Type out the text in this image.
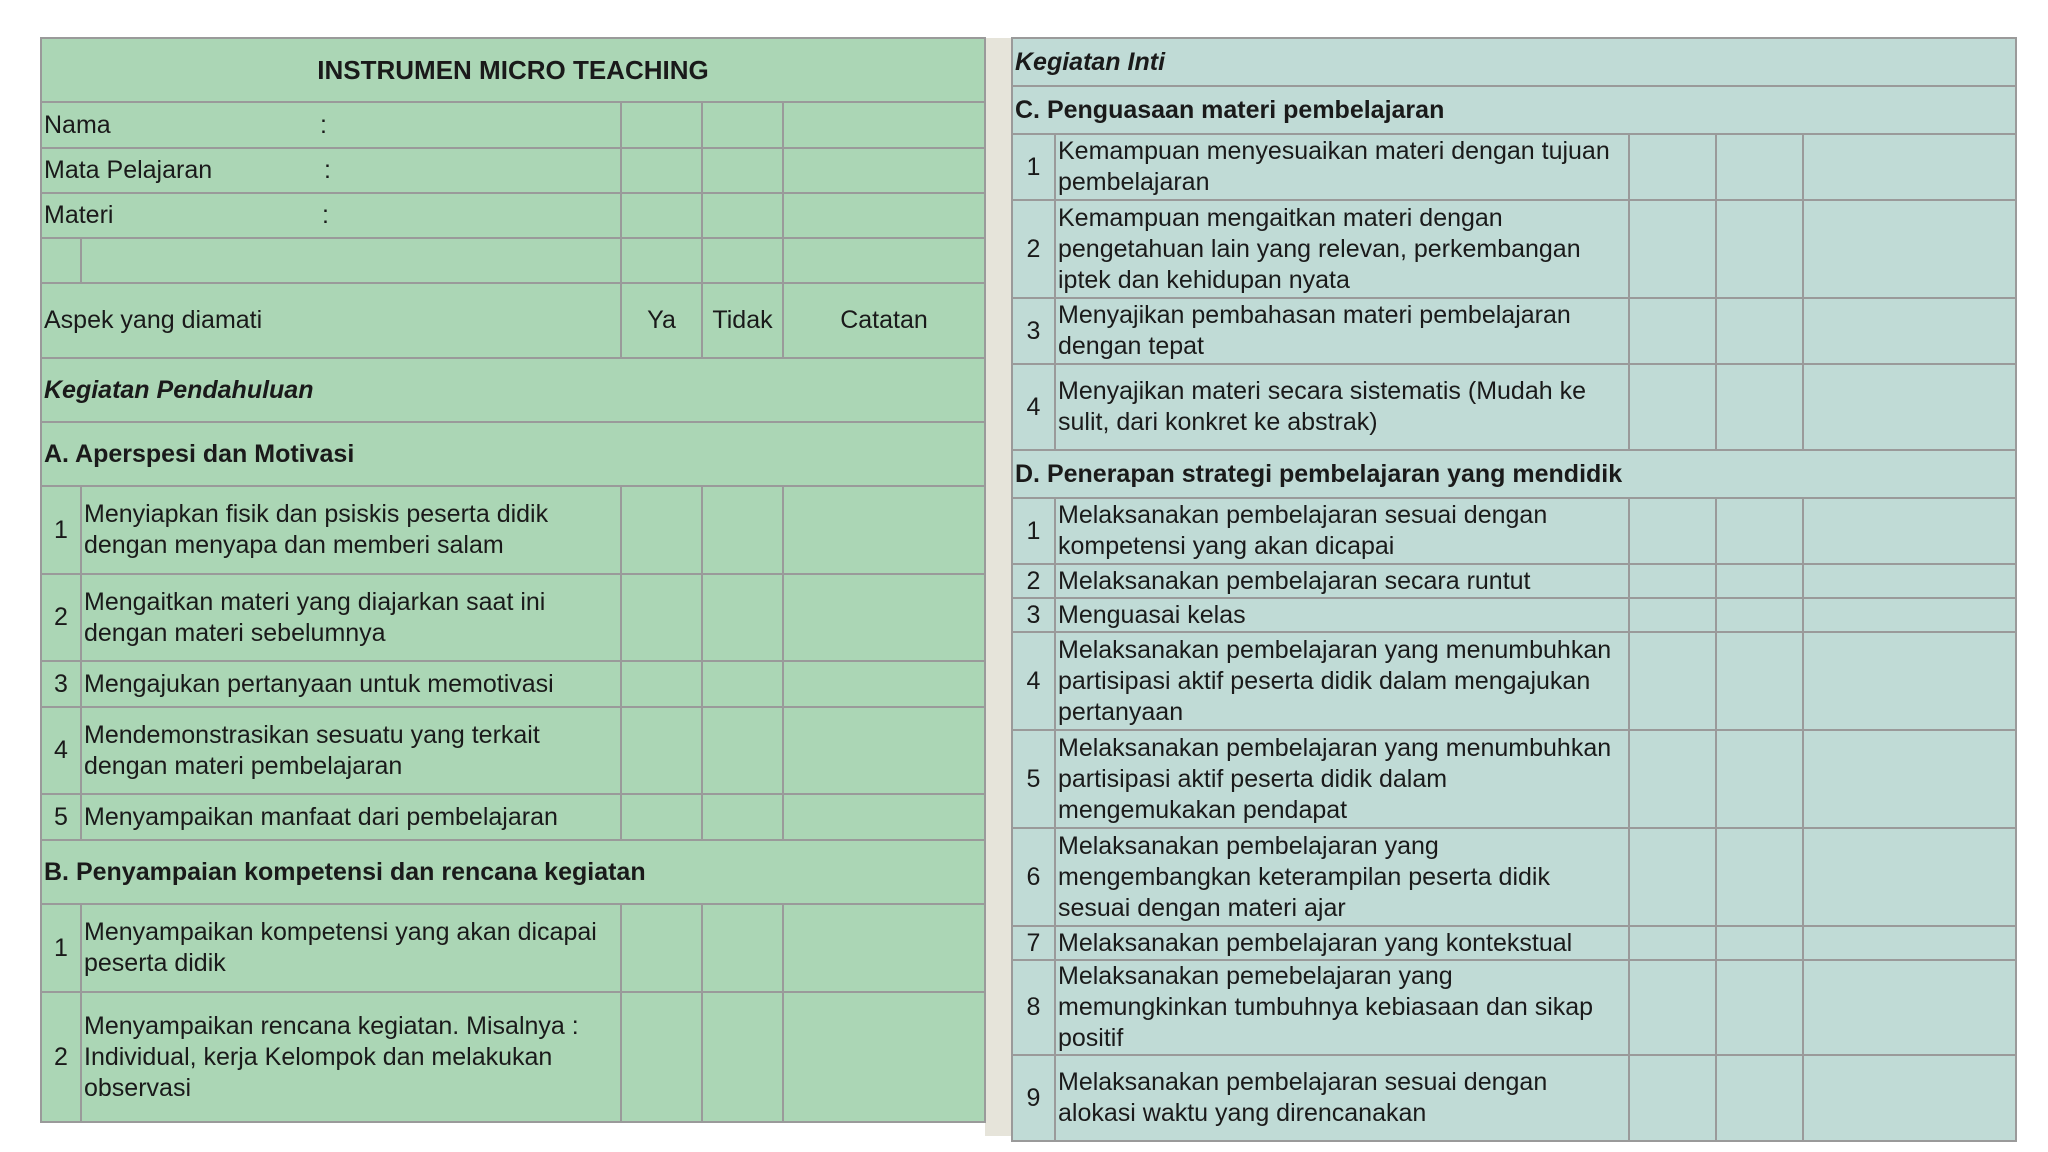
INSTRUMEN MICRO TEACHING				
Nama :				
Mata Pelajaran :				
Materi :				

Aspek yang diamati		Ya	Tidak	Catatan
Kegiatan Pendahuluan				
A. Aperspesi dan Motivasi				
1	Menyiapkan fisik dan psiskis peserta didik dengan menyapa dan memberi salam			
2	Mengaitkan materi yang diajarkan saat ini dengan materi sebelumnya			
3	Mengajukan pertanyaan untuk memotivasi			
4	Mendemonstrasikan sesuatu yang terkait dengan materi pembelajaran			
5	Menyampaikan manfaat dari pembelajaran			
B. Penyampaian kompetensi dan rencana kegiatan				
1	Menyampaikan kompetensi yang akan dicapai peserta didik			
2	Menyampaikan rencana kegiatan. Misalnya : Individual, kerja Kelompok dan melakukan observasi			
Kegiatan Inti				
C. Penguasaan materi pembelajaran				
1	Kemampuan menyesuaikan materi dengan tujuan pembelajaran			
2	Kemampuan mengaitkan materi dengan pengetahuan lain yang relevan, perkembangan iptek dan kehidupan nyata			
3	Menyajikan pembahasan materi pembelajaran dengan tepat			
4	Menyajikan materi secara sistematis (Mudah ke sulit, dari konkret ke abstrak)			
D. Penerapan strategi pembelajaran yang mendidik				
1	Melaksanakan pembelajaran sesuai dengan kompetensi yang akan dicapai			
2	Melaksanakan pembelajaran secara runtut			
3	Menguasai kelas			
4	Melaksanakan pembelajaran yang menumbuhkan partisipasi aktif peserta didik dalam mengajukan pertanyaan			
5	Melaksanakan pembelajaran yang menumbuhkan partisipasi aktif peserta didik dalam mengemukakan pendapat			
6	Melaksanakan pembelajaran yang mengembangkan keterampilan peserta didik sesuai dengan materi ajar			
7	Melaksanakan pembelajaran yang kontekstual			
8	Melaksanakan pemebelajaran yang memungkinkan tumbuhnya kebiasaan dan sikap positif			
9	Melaksanakan pembelajaran sesuai dengan alokasi waktu yang direncanakan			
